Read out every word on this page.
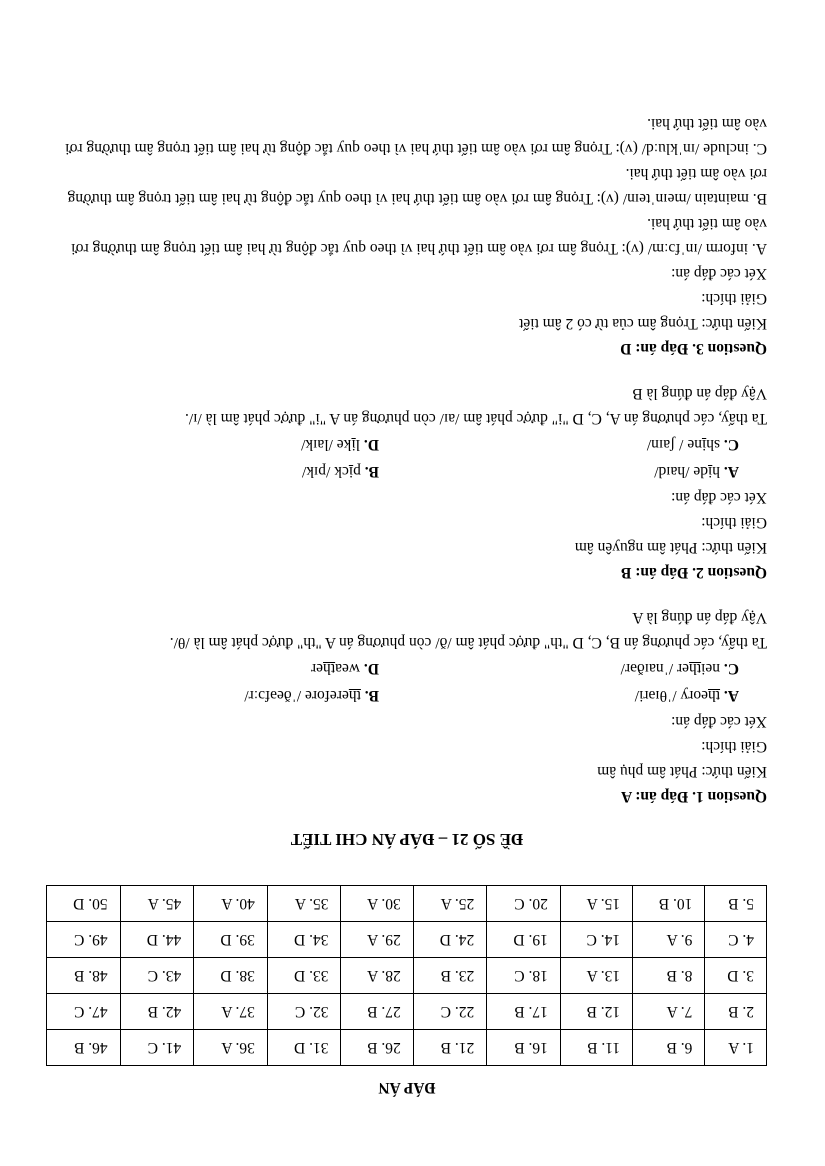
ĐÁP ÁN
1. A	6. B	11. B	16. B	21. B	26. B	31. D	36. A	41. C	46. B
2. B	7. A	12. B	17. B	22. C	27. B	32. C	37. A	42. B	47. C
3. D	8. B	13. A	18. C	23. B	28. A	33. D	38. D	43. C	48. B
4. C	9. A	14. C	19. D	24. D	29. A	34. D	39. D	44. D	49. C
5. B	10. B	15. A	20. C	25. A	30. A	35. A	40. A	45. A	50. D
ĐỀ SỐ 21 – ĐÁP ÁN CHI TIẾT
Question 1. Đáp án: A
Kiến thức: Phát âm phụ âm
Giải thích:
Xét các đáp án:
A. theory /ˈθɪəri/
B. therefore /ˈðeəfɔːr/
C. neither /ˈnaɪðər/
D. weather
Ta thấy, các phương án B, C, D "th" được phát âm /ð/ còn phương án A "th" được phát âm là /θ/.
Vậy đáp án đúng là A
Question 2. Đáp án: B
Kiến thức: Phát âm nguyên âm
Giải thích:
Xét các đáp án:
A. hide /haɪd/
B. pick /pɪk/
C. shine / ʃaɪn/
D. like /laɪk/
Ta thấy, các phương án A, C, D "i" được phát âm /aɪ/ còn phương án A "i" được phát âm là /ɪ/.
Vậy đáp án đúng là B
Question 3. Đáp án: D
Kiến thức: Trọng âm của từ có 2 âm tiết
Giải thích:
Xét các đáp án:
A. inform /ɪnˈfɔːm/ (v): Trọng âm rơi vào âm tiết thứ hai vì theo quy tắc động từ hai âm tiết trọng âm thường rơi vào âm tiết thứ hai.
B. maintain /meɪnˈteɪn/ (v): Trọng âm rơi vào âm tiết thứ hai vì theo quy tắc động từ hai âm tiết trọng âm thường rơi vào âm tiết thứ hai.
C. include /ɪnˈkluːd/ (v): Trọng âm rơi vào âm tiết thứ hai vì theo quy tắc động từ hai âm tiết trọng âm thường rơi vào âm tiết thứ hai.
